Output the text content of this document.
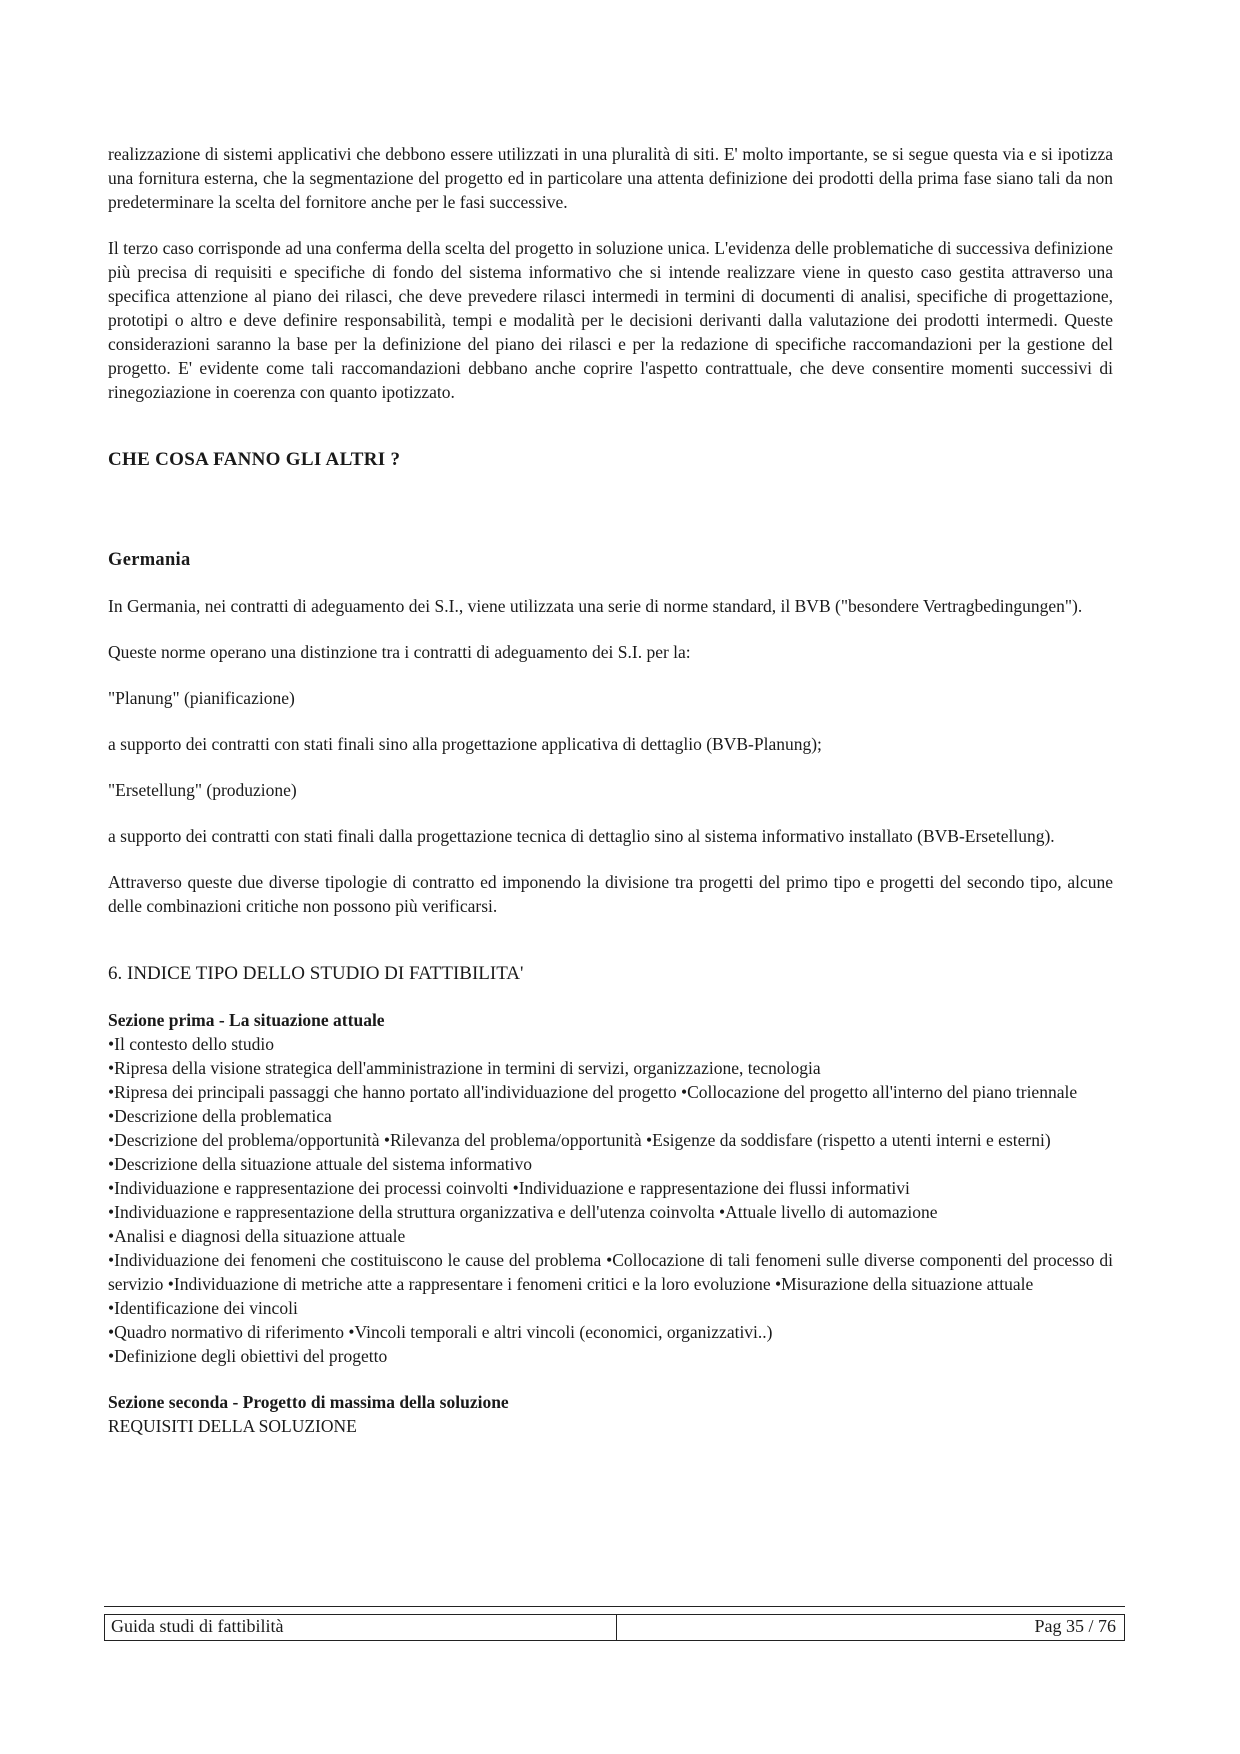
realizzazione di sistemi applicativi che debbono essere utilizzati in una pluralità di siti. E' molto importante, se si segue questa via e si ipotizza una fornitura esterna, che la segmentazione del progetto ed in particolare una attenta definizione dei prodotti della prima fase siano tali da non predeterminare la scelta del fornitore anche per le fasi successive.

Il terzo caso corrisponde ad una conferma della scelta del progetto in soluzione unica. L'evidenza delle problematiche di successiva definizione più precisa di requisiti e specifiche di fondo del sistema informativo che si intende realizzare viene in questo caso gestita attraverso una specifica attenzione al piano dei rilasci, che deve prevedere rilasci intermedi in termini di documenti di analisi, specifiche di progettazione, prototipi o altro e deve definire responsabilità, tempi e modalità per le decisioni derivanti dalla valutazione dei prodotti intermedi. Queste considerazioni saranno la base per la definizione del piano dei rilasci e per la redazione di specifiche raccomandazioni per la gestione del progetto. E' evidente come tali raccomandazioni debbano anche coprire l'aspetto contrattuale, che deve consentire momenti successivi di rinegoziazione in coerenza con quanto ipotizzato.

CHE COSA FANNO GLI ALTRI ?

Germania

In Germania, nei contratti di adeguamento dei S.I., viene utilizzata una serie di norme standard, il BVB ("besondere Vertragbedingungen").

Queste norme operano una distinzione tra i contratti di adeguamento dei S.I. per la:

"Planung" (pianificazione)

a supporto dei contratti con stati finali sino alla progettazione applicativa di dettaglio (BVB-Planung);

"Ersetellung" (produzione)

a supporto dei contratti con stati finali dalla progettazione tecnica di dettaglio sino al sistema informativo installato (BVB-Ersetellung).

Attraverso queste due diverse tipologie di contratto ed imponendo la divisione tra progetti del primo tipo e progetti del secondo tipo, alcune delle combinazioni critiche non possono più verificarsi.

6. INDICE TIPO DELLO STUDIO DI FATTIBILITA'

Sezione prima - La situazione attuale

•Il contesto dello studio
•Ripresa della visione strategica dell'amministrazione in termini di servizi, organizzazione, tecnologia
•Ripresa dei principali passaggi che hanno portato all'individuazione del progetto •Collocazione del progetto all'interno del piano triennale
•Descrizione della problematica
•Descrizione del problema/opportunità •Rilevanza del problema/opportunità •Esigenze da soddisfare (rispetto a utenti interni e esterni)
•Descrizione della situazione attuale del sistema informativo
•Individuazione e rappresentazione dei processi coinvolti •Individuazione e rappresentazione dei flussi informativi
•Individuazione e rappresentazione della struttura organizzativa e dell'utenza coinvolta •Attuale livello di automazione
•Analisi e diagnosi della situazione attuale
•Individuazione dei fenomeni che costituiscono le cause del problema •Collocazione di tali fenomeni sulle diverse componenti del processo di servizio •Individuazione di metriche atte a rappresentare i fenomeni critici e la loro evoluzione •Misurazione della situazione attuale
•Identificazione dei vincoli
•Quadro normativo di riferimento •Vincoli temporali e altri vincoli (economici, organizzativi..)
•Definizione degli obiettivi del progetto

Sezione seconda - Progetto di massima della soluzione

REQUISITI DELLA SOLUZIONE

Guida studi di fattibilità	Pag 35 / 76
